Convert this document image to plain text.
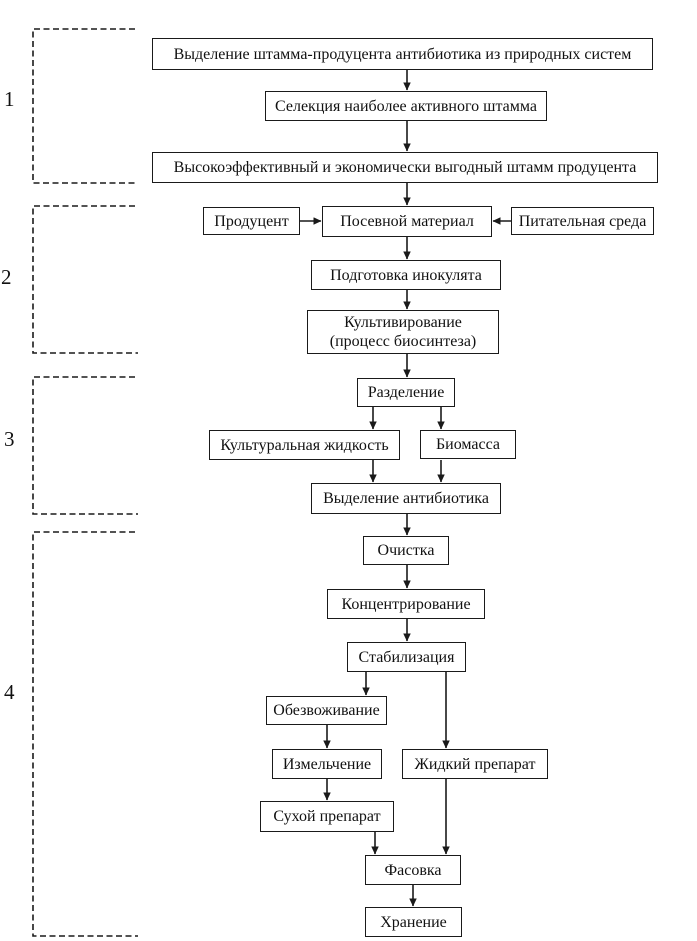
1
2
3
4
Выделение штамма-продуцента антибиотика из природных систем
Селекция наиболее активного штамма
Высокоэффективный и экономически выгодный штамм продуцента
Продуцент	Посевной материал	Питательная среда
Подготовка инокулята
Культивирование
(процесс биосинтеза)
Разделение
Культуральная жидкость	Биомасса
Выделение антибиотика
Очистка
Концентрирование
Стабилизация
Обезвоживание
Измельчение	Жидкий препарат
Сухой препарат
Фасовка
Хранение
